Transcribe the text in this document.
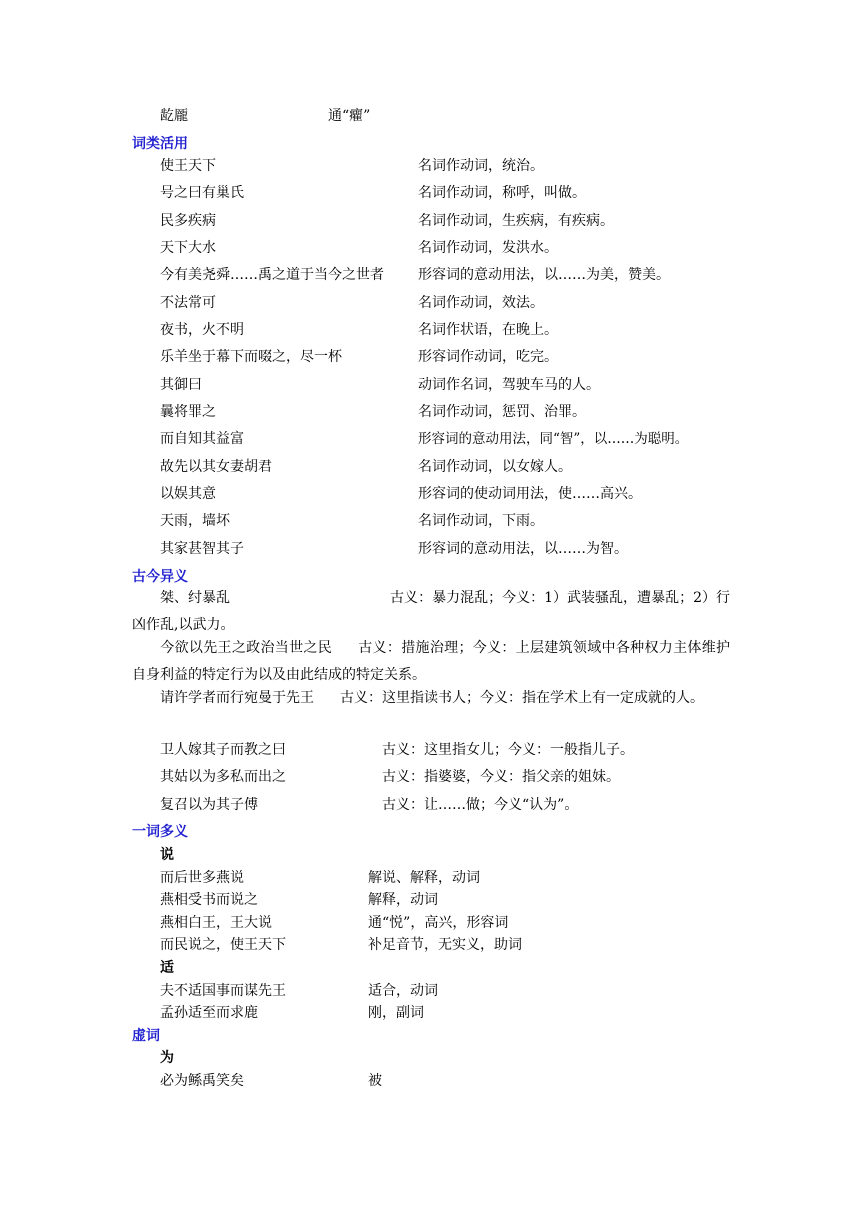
龁龎	通“癯”
词类活用
使王天下	名词作动词，统治。
号之曰有巢氏	名词作动词，称呼，叫做。
民多疾病	名词作动词，生疾病，有疾病。
天下大水	名词作动词，发洪水。
今有美尧舜……禹之道于当今之世者 形容词的意动用法，以……为美，赞美。
不法常可	名词作动词，效法。
夜书，火不明	名词作状语，在晚上。
乐羊坐于幕下而啜之，尽一杯	形容词作动词，吃完。
其御曰	动词作名词，驾驶车马的人。
曩将罪之	名词作动词，惩罚、治罪。
而自知其益富	形容词的意动用法，同“智”，以……为聪明。
故先以其女妻胡君	名词作动词，以女嫁人。
以娱其意	形容词的使动词用法，使……高兴。
天雨，墙坏	名词作动词，下雨。
其家甚智其子	形容词的意动用法，以……为智。
古今异义
桀、纣暴乱	古义：暴力混乱；今义：1）武装骚乱，遭暴乱；2）行凶作乱,以武力。
今欲以先王之政治当世之民 古义：措施治理；今义：上层建筑领域中各种权力主体维护自身利益的特定行为以及由此结成的特定关系。
请许学者而行宛曼于先王 古义：这里指读书人；今义：指在学术上有一定成就的人。
卫人嫁其子而教之曰	古义：这里指女儿；今义：一般指儿子。
其姑以为多私而出之	古义：指婆婆，今义：指父亲的姐妹。
复召以为其子傅	古义：让……做；今义“认为”。
一词多义
说
而后世多燕说	解说、解释，动词
燕相受书而说之	解释，动词
燕相白王，王大说	通“悦”，高兴，形容词
而民说之，使王天下	补足音节，无实义，助词
适
夫不适国事而谋先王	适合，动词
孟孙适至而求鹿	刚，副词
虚词
为
必为鲧禹笑矣	被
